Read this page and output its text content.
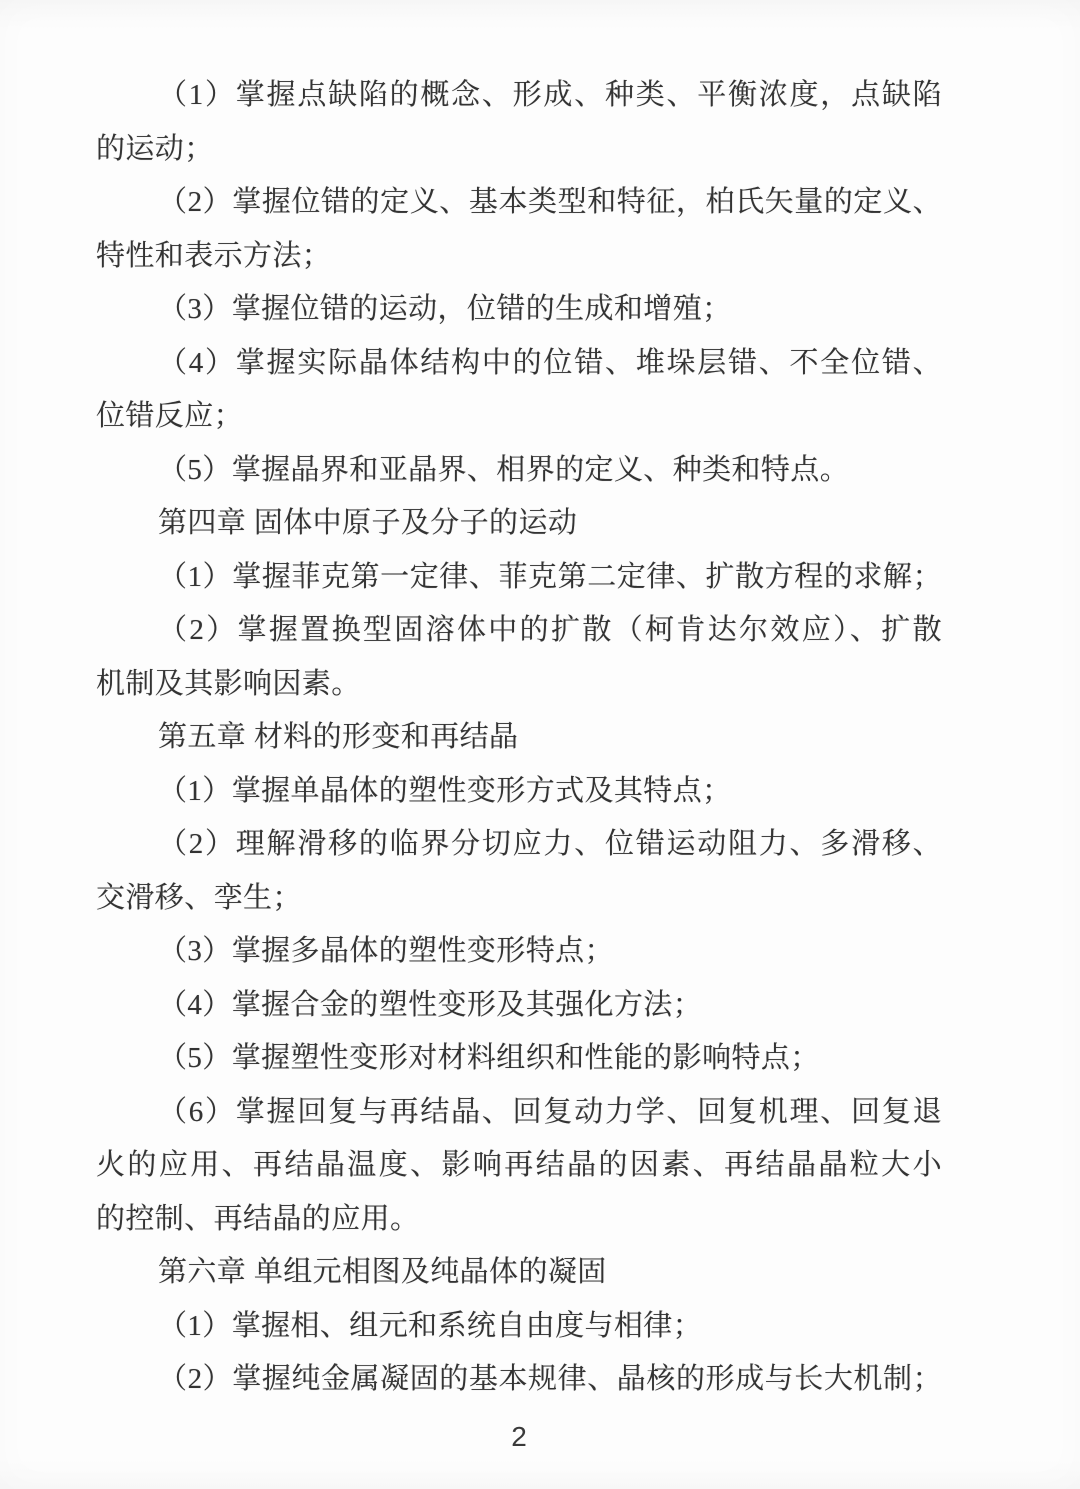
（1）掌握点缺陷的概念、形成、种类、平衡浓度，点缺陷
的运动；
（2）掌握位错的定义、基本类型和特征，柏氏矢量的定义、
特性和表示方法；
（3）掌握位错的运动，位错的生成和增殖；
（4）掌握实际晶体结构中的位错、堆垛层错、不全位错、
位错反应；
（5）掌握晶界和亚晶界、相界的定义、种类和特点。
第四章 固体中原子及分子的运动
（1）掌握菲克第一定律、菲克第二定律、扩散方程的求解；
（2）掌握置换型固溶体中的扩散（柯肯达尔效应）、扩散
机制及其影响因素。
第五章 材料的形变和再结晶
（1）掌握单晶体的塑性变形方式及其特点；
（2）理解滑移的临界分切应力、位错运动阻力、多滑移、
交滑移、孪生；
（3）掌握多晶体的塑性变形特点；
（4）掌握合金的塑性变形及其强化方法；
（5）掌握塑性变形对材料组织和性能的影响特点；
（6）掌握回复与再结晶、回复动力学、回复机理、回复退
火的应用、再结晶温度、影响再结晶的因素、再结晶晶粒大小
的控制、再结晶的应用。
第六章 单组元相图及纯晶体的凝固
（1）掌握相、组元和系统自由度与相律；
（2）掌握纯金属凝固的基本规律、晶核的形成与长大机制；
2
